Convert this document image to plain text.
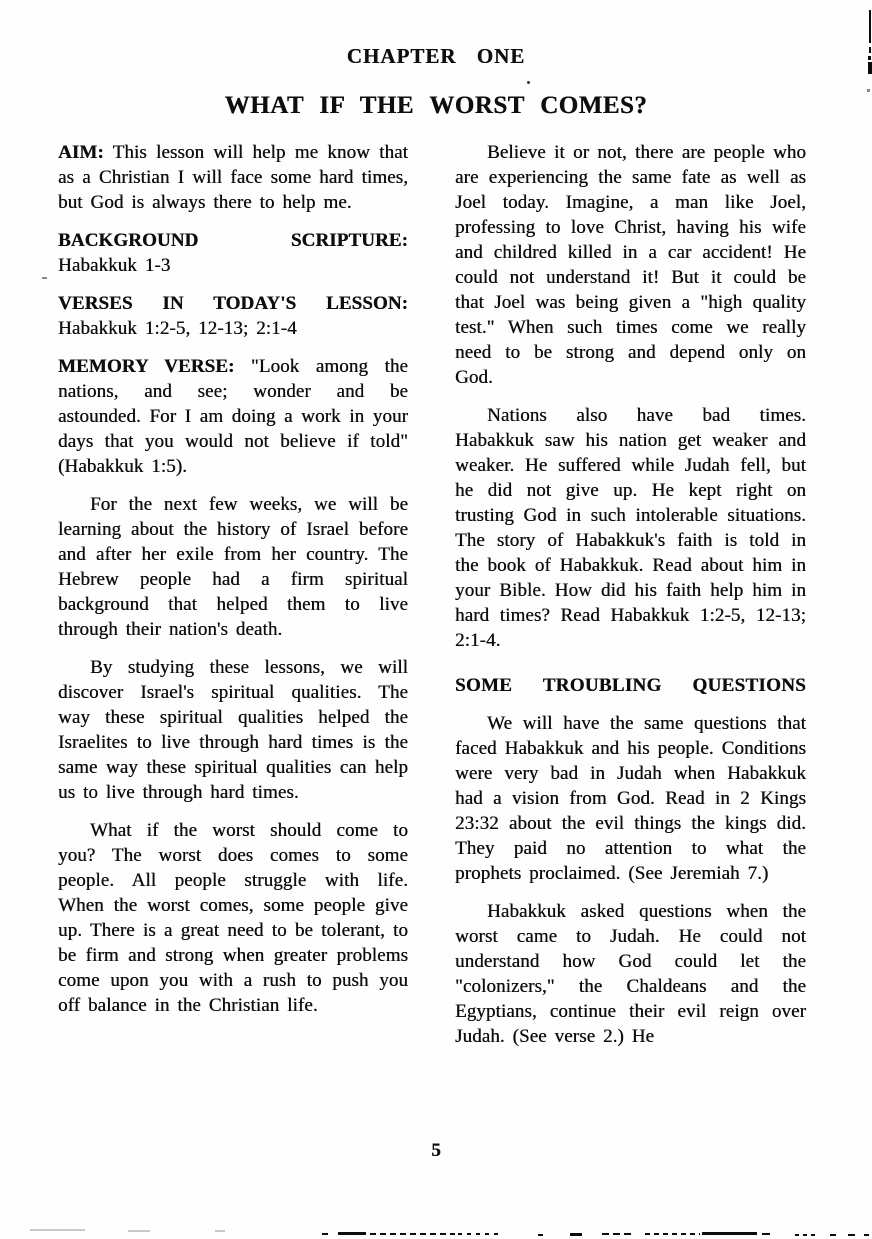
CHAPTER ONE
WHAT IF THE WORST COMES?

AIM: This lesson will help me know that as a Christian I will face some hard times, but God is always there to help me.

BACKGROUND SCRIPTURE:
Habakkuk 1-3

VERSES IN TODAY'S LESSON:
Habakkuk 1:2-5, 12-13; 2:1-4

MEMORY VERSE: "Look among the nations, and see; wonder and be astounded. For I am doing a work in your days that you would not believe if told" (Habakkuk 1:5).

For the next few weeks, we will be learning about the history of Israel before and after her exile from her country. The Hebrew people had a firm spiritual background that helped them to live through their nation's death.

By studying these lessons, we will discover Israel's spiritual qualities. The way these spiritual qualities helped the Israelites to live through hard times is the same way these spiritual qualities can help us to live through hard times.

What if the worst should come to you? The worst does comes to some people. All people struggle with life. When the worst comes, some people give up. There is a great need to be tolerant, to be firm and strong when greater problems come upon you with a rush to push you off balance in the Christian life.

Believe it or not, there are people who are experiencing the same fate as well as Joel today. Imagine, a man like Joel, professing to love Christ, having his wife and childred killed in a car accident! He could not understand it! But it could be that Joel was being given a "high quality test." When such times come we really need to be strong and depend only on God.

Nations also have bad times. Habakkuk saw his nation get weaker and weaker. He suffered while Judah fell, but he did not give up. He kept right on trusting God in such intolerable situations. The story of Habakkuk's faith is told in the book of Habakkuk. Read about him in your Bible. How did his faith help him in hard times? Read Habakkuk 1:2-5, 12-13; 2:1-4.

SOME TROUBLING QUESTIONS

We will have the same questions that faced Habakkuk and his people. Conditions were very bad in Judah when Habakkuk had a vision from God. Read in 2 Kings 23:32 about the evil things the kings did. They paid no attention to what the prophets proclaimed. (See Jeremiah 7.)

Habakkuk asked questions when the worst came to Judah. He could not understand how God could let the "colonizers," the Chaldeans and the Egyptians, continue their evil reign over Judah. (See verse 2.) He

5
